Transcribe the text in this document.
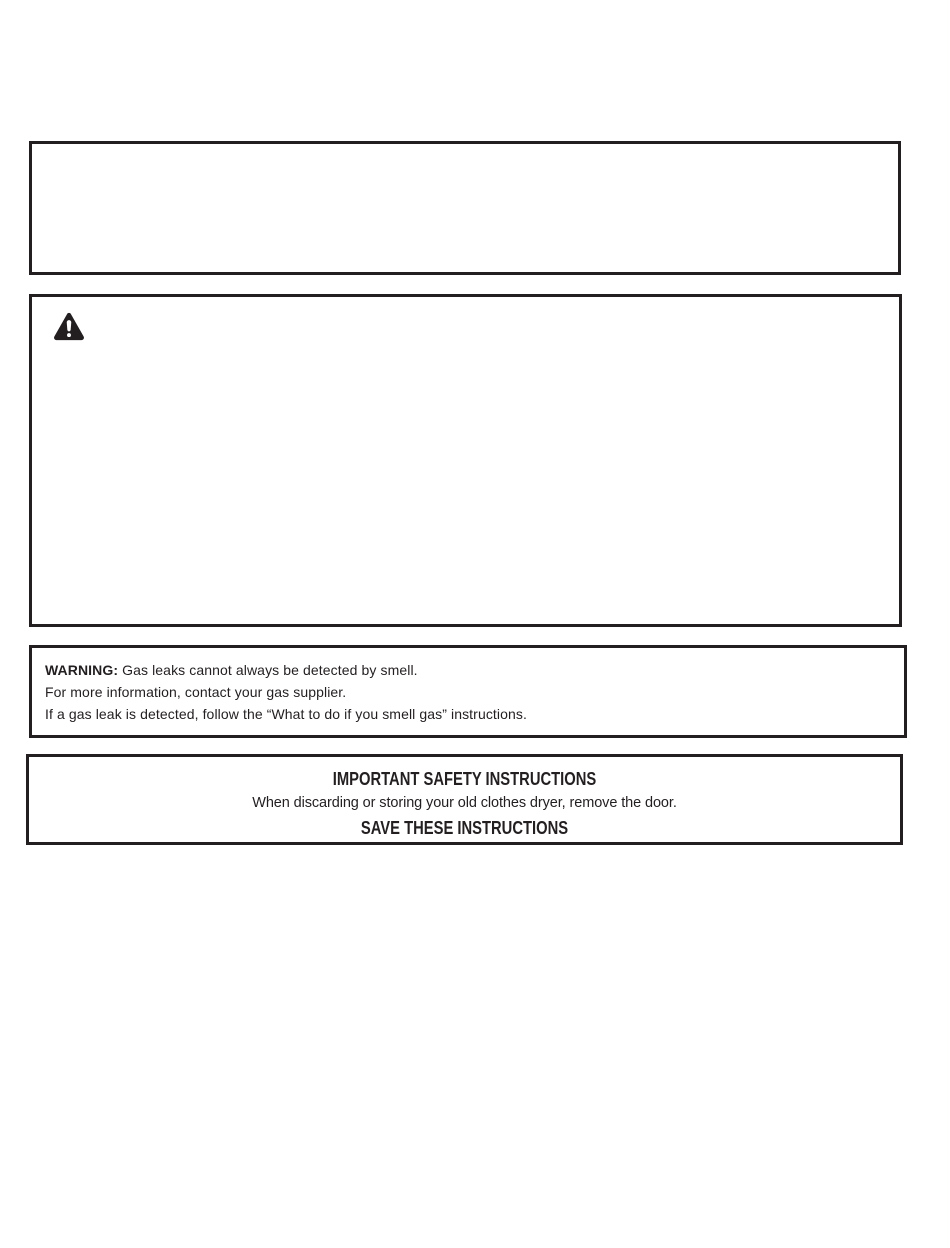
WARNING: Gas leaks cannot always be detected by smell.

For more information, contact your gas supplier.

If a gas leak is detected, follow the “What to do if you smell gas” instructions.

IMPORTANT SAFETY INSTRUCTIONS
When discarding or storing your old clothes dryer, remove the door.
SAVE THESE INSTRUCTIONS
